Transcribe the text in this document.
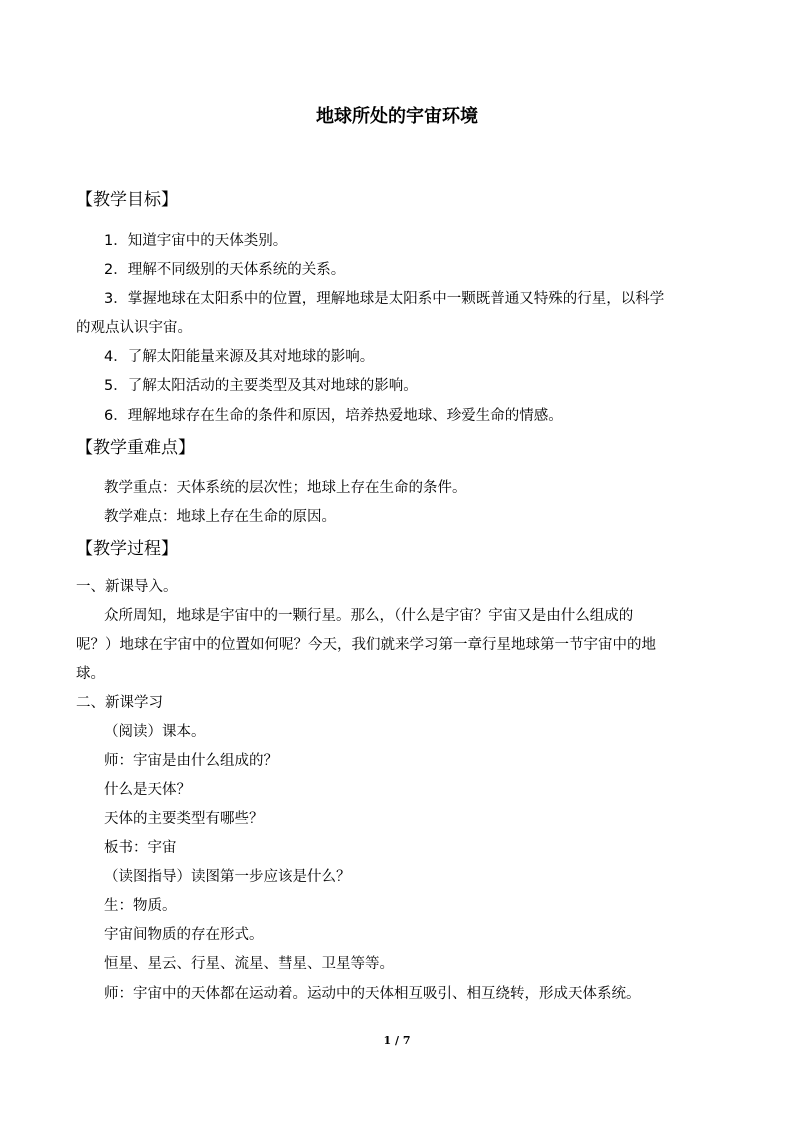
地球所处的宇宙环境
【教学目标】
1．知道宇宙中的天体类别。
2．理解不同级别的天体系统的关系。
3．掌握地球在太阳系中的位置，理解地球是太阳系中一颗既普通又特殊的行星，以科学
的观点认识宇宙。
4．了解太阳能量来源及其对地球的影响。
5．了解太阳活动的主要类型及其对地球的影响。
6．理解地球存在生命的条件和原因，培养热爱地球、珍爱生命的情感。
【教学重难点】
教学重点：天体系统的层次性；地球上存在生命的条件。
教学难点：地球上存在生命的原因。
【教学过程】
一、新课导入。
众所周知，地球是宇宙中的一颗行星。那么，（什么是宇宙？宇宙又是由什么组成的
呢？）地球在宇宙中的位置如何呢？今天，我们就来学习第一章行星地球第一节宇宙中的地
球。
二、新课学习
（阅读）课本。
师：宇宙是由什么组成的？
什么是天体？
天体的主要类型有哪些？
板书：宇宙
（读图指导）读图第一步应该是什么？
生：物质。
宇宙间物质的存在形式。
恒星、星云、行星、流星、彗星、卫星等等。
师：宇宙中的天体都在运动着。运动中的天体相互吸引、相互绕转，形成天体系统。
1 / 7
